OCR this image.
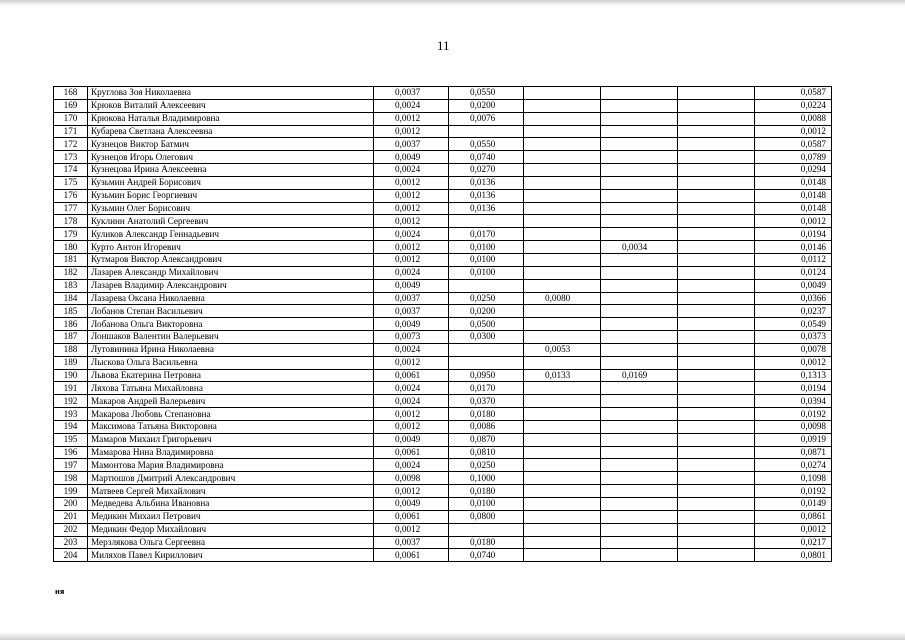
11
168	Круглова Зоя Николаевна	0,0037	0,0550				0,0587
169	Крюков Виталий Алексеевич	0,0024	0,0200				0,0224
170	Крюкова Наталья Владимировна	0,0012	0,0076				0,0088
171	Кубарева Светлана Алексеевна	0,0012					0,0012
172	Кузнецов Виктор Батмич	0,0037	0,0550				0,0587
173	Кузнецов Игорь Олегович	0,0049	0,0740				0,0789
174	Кузнецова Ирина Алексеевна	0,0024	0,0270				0,0294
175	Кузьмин Андрей Борисович	0,0012	0,0136				0,0148
176	Кузьмин Борис Георгиевич	0,0012	0,0136				0,0148
177	Кузьмин Олег Борисович	0,0012	0,0136				0,0148
178	Куклинн Анатолий Сергеевич	0,0012					0,0012
179	Куликов Александр Геннадьевич	0,0024	0,0170				0,0194
180	Курто Антон Игоревич	0,0012	0,0100		0,0034		0,0146
181	Кутмаров Виктор Александрович	0,0012	0,0100				0,0112
182	Лазарев Александр Михайлович	0,0024	0,0100				0,0124
183	Лазарев Владимир Александрович	0,0049					0,0049
184	Лазарева Оксана Николаевна	0,0037	0,0250	0,0080			0,0366
185	Лобанов Степан Васильевич	0,0037	0,0200				0,0237
186	Лобанова Ольга Викторовна	0,0049	0,0500				0,0549
187	Лоншаков Валентин Валерьевич	0,0073	0,0300				0,0373
188	Лутовинина Ирина Николаевна	0,0024		0,0053			0,0078
189	Лыскова Ольга Васильевна	0,0012					0,0012
190	Львова Екатерина Петровна	0,0061	0,0950	0,0133	0,0169		0,1313
191	Ляхова Татьяна Михайловна	0,0024	0,0170				0,0194
192	Макаров Андрей Валерьевич	0,0024	0,0370				0,0394
193	Макарова Любовь Степановна	0,0012	0,0180				0,0192
194	Максимова Татьяна Викторовна	0,0012	0,0086				0,0098
195	Мамаров Михаил Григорьевич	0,0049	0,0870				0,0919
196	Мамарова Нина Владимировна	0,0061	0,0810				0,0871
197	Мамонтова Мария Владимировна	0,0024	0,0250				0,0274
198	Мартюшов Дмитрий Александрович	0,0098	0,1000				0,1098
199	Матвеев Сергей Михайлович	0,0012	0,0180				0,0192
200	Медведева Альбина Ивановна	0,0049	0,0100				0,0149
201	Медикин Михаил Петрович	0,0061	0,0800				0,0861
202	Медикин Федор Михайлович	0,0012					0,0012
203	Мерзлякова Ольга Сергеевна	0,0037	0,0180				0,0217
204	Миляхов Павел Кириллович	0,0061	0,0740				0,0801
ня
